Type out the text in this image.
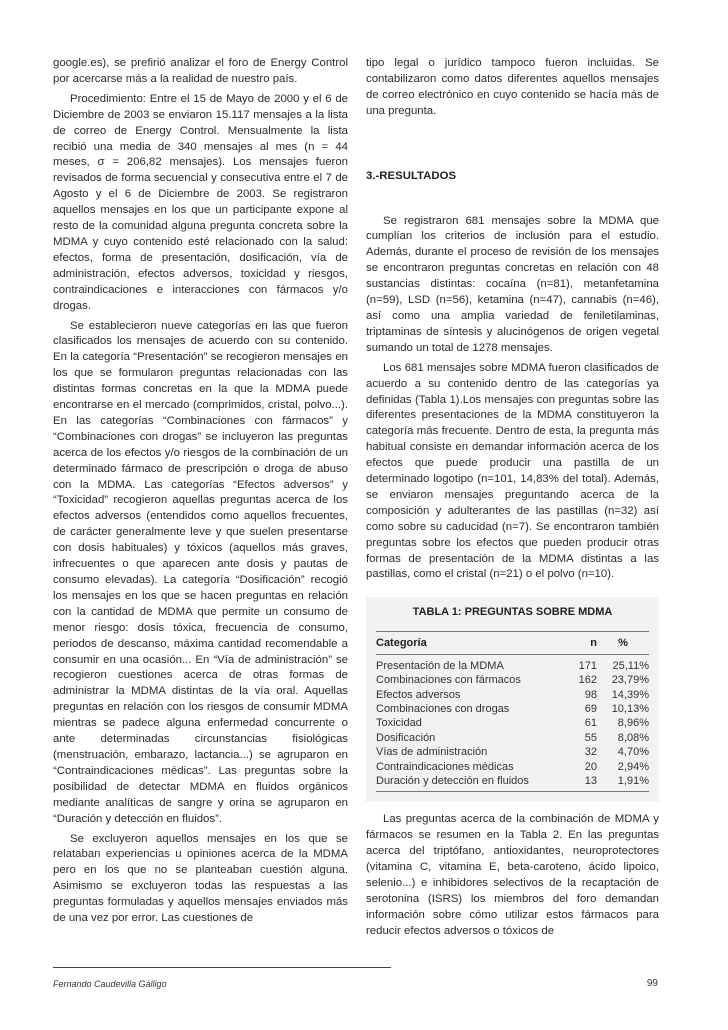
google.es), se prefirió analizar el foro de Energy Control por acercarse más a la realidad de nuestro país.

Procedimiento: Entre el 15 de Mayo de 2000 y el 6 de Diciembre de 2003 se enviaron 15.117 mensajes a la lista de correo de Energy Control. Mensualmente la lista recibió una media de 340 mensajes al mes (n = 44 meses, σ = 206,82 mensajes). Los mensajes fueron revisados de forma secuencial y consecutiva entre el 7 de Agosto y el 6 de Diciembre de 2003. Se registraron aquellos mensajes en los que un participante expone al resto de la comunidad alguna pregunta concreta sobre la MDMA y cuyo contenido esté relacionado con la salud: efectos, forma de presentación, dosificación, vía de administración, efectos adversos, toxicidad y riesgos, contraindicaciones e interacciones con fármacos y/o drogas.

Se establecieron nueve categorías en las que fueron clasificados los mensajes de acuerdo con su contenido. En la categoría “Presentación” se recogieron mensajes en los que se formularon preguntas relacionadas con las distintas formas concretas en la que la MDMA puede encontrarse en el mercado (comprimidos, cristal, polvo...). En las categorías “Combinaciones con fármacos” y “Combinaciones con drogas” se incluyeron las preguntas acerca de los efectos y/o riesgos de la combinación de un determinado fármaco de prescripción o droga de abuso con la MDMA. Las categorías “Efectos adversos” y “Toxicidad” recogieron aquellas preguntas acerca de los efectos adversos (entendidos como aquellos frecuentes, de carácter generalmente leve y que suelen presentarse con dosis habituales) y tóxicos (aquellos más graves, infrecuentes o que aparecen ante dosis y pautas de consumo elevadas). La categoría “Dosificación” recogió los mensajes en los que se hacen preguntas en relación con la cantidad de MDMA que permite un consumo de menor riesgo: dosis tóxica, frecuencia de consumo, periodos de descanso, máxima cantidad recomendable a consumir en una ocasión... En “Vía de administración” se recogieron cuestiones acerca de otras formas de administrar la MDMA distintas de la vía oral. Aquellas preguntas en relación con los riesgos de consumir MDMA mientras se padece alguna enfermedad concurrente o ante determinadas circunstancias fisiológicas (menstruación, embarazo, lactancia...) se agruparon en “Contraindicaciones médicas”. Las preguntas sobre la posibilidad de detectar MDMA en fluidos orgánicos mediante analíticas de sangre y orina se agruparon en “Duración y detección en fluidos”.

Se excluyeron aquellos mensajes en los que se relataban experiencias u opiniones acerca de la MDMA pero en los que no se planteaban cuestión alguna. Asimismo se excluyeron todas las respuestas a las preguntas formuladas y aquellos mensajes enviados más de una vez por error. Las cuestiones de

tipo legal o jurídico tampoco fueron incluidas. Se contabilizaron como datos diferentes aquellos mensajes de correo electrónico en cuyo contenido se hacía más de una pregunta.

3.-RESULTADOS

Se registraron 681 mensajes sobre la MDMA que cumplían los criterios de inclusión para el estudio. Además, durante el proceso de revisión de los mensajes se encontraron preguntas concretas en relación con 48 sustancias distintas: cocaína (n=81), metanfetamina (n=59), LSD (n=56), ketamina (n=47), cannabis (n=46), así como una amplia variedad de feniletilaminas, triptaminas de síntesis y alucinógenos de origen vegetal sumando un total de 1278 mensajes.

Los 681 mensajes sobre MDMA fueron clasificados de acuerdo a su contenido dentro de las categorías ya definidas (Tabla 1).Los mensajes con preguntas sobre las diferentes presentaciones de la MDMA constituyeron la categoría más frecuente. Dentro de esta, la pregunta más habitual consiste en demandar información acerca de los efectos que puede producir una pastilla de un determinado logotipo (n=101, 14,83% del total). Además, se enviaron mensajes preguntando acerca de la composición y adulterantes de las pastillas (n=32) así como sobre su caducidad (n=7). Se encontraron también preguntas sobre los efectos que pueden producir otras formas de presentación de la MDMA distintas a las pastillas, como el cristal (n=21) o el polvo (n=10).

TABLA 1: PREGUNTAS SOBRE MDMA
Categoría	n	%
Presentación de la MDMA	171	25,11%
Combinaciones con fármacos	162	23,79%
Efectos adversos	98	14,39%
Combinaciones con drogas	69	10,13%
Toxicidad	61	8,96%
Dosificación	55	8,08%
Vías de administración	32	4,70%
Contraindicaciones médicas	20	2,94%
Duración y detección en fluidos	13	1,91%

Las preguntas acerca de la combinación de MDMA y fármacos se resumen en la Tabla 2. En las preguntas acerca del triptófano, antioxidantes, neuroprotectores (vitamina C, vitamina E, beta-caroteno, ácido lipoico, selenio...) e inhibidores selectivos de la recaptación de serotonina (ISRS) los miembros del foro demandan información sobre cómo utilizar estos fármacos para reducir efectos adversos o tóxicos de

Fernando Caudevilla Gálligo	99
